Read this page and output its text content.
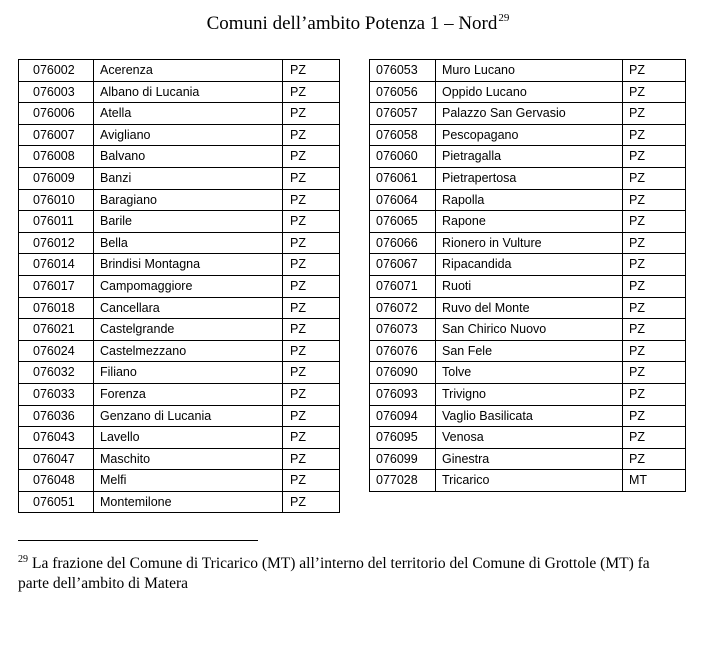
Comuni dell’ambito Potenza 1 – Nord$^{29}$
076002	Acerenza	PZ
076003	Albano di Lucania	PZ
076006	Atella	PZ
076007	Avigliano	PZ
076008	Balvano	PZ
076009	Banzi	PZ
076010	Baragiano	PZ
076011	Barile	PZ
076012	Bella	PZ
076014	Brindisi Montagna	PZ
076017	Campomaggiore	PZ
076018	Cancellara	PZ
076021	Castelgrande	PZ
076024	Castelmezzano	PZ
076032	Filiano	PZ
076033	Forenza	PZ
076036	Genzano di Lucania	PZ
076043	Lavello	PZ
076047	Maschito	PZ
076048	Melfi	PZ
076051	Montemilone	PZ
076053	Muro Lucano	PZ
076056	Oppido Lucano	PZ
076057	Palazzo San Gervasio	PZ
076058	Pescopagano	PZ
076060	Pietragalla	PZ
076061	Pietrapertosa	PZ
076064	Rapolla	PZ
076065	Rapone	PZ
076066	Rionero in Vulture	PZ
076067	Ripacandida	PZ
076071	Ruoti	PZ
076072	Ruvo del Monte	PZ
076073	San Chirico Nuovo	PZ
076076	San Fele	PZ
076090	Tolve	PZ
076093	Trivigno	PZ
076094	Vaglio Basilicata	PZ
076095	Venosa	PZ
076099	Ginestra	PZ
077028	Tricarico	MT
$^{29}$ La frazione del Comune di Tricarico (MT) all’interno del territorio del Comune di Grottole (MT) fa parte dell’ambito di Matera
